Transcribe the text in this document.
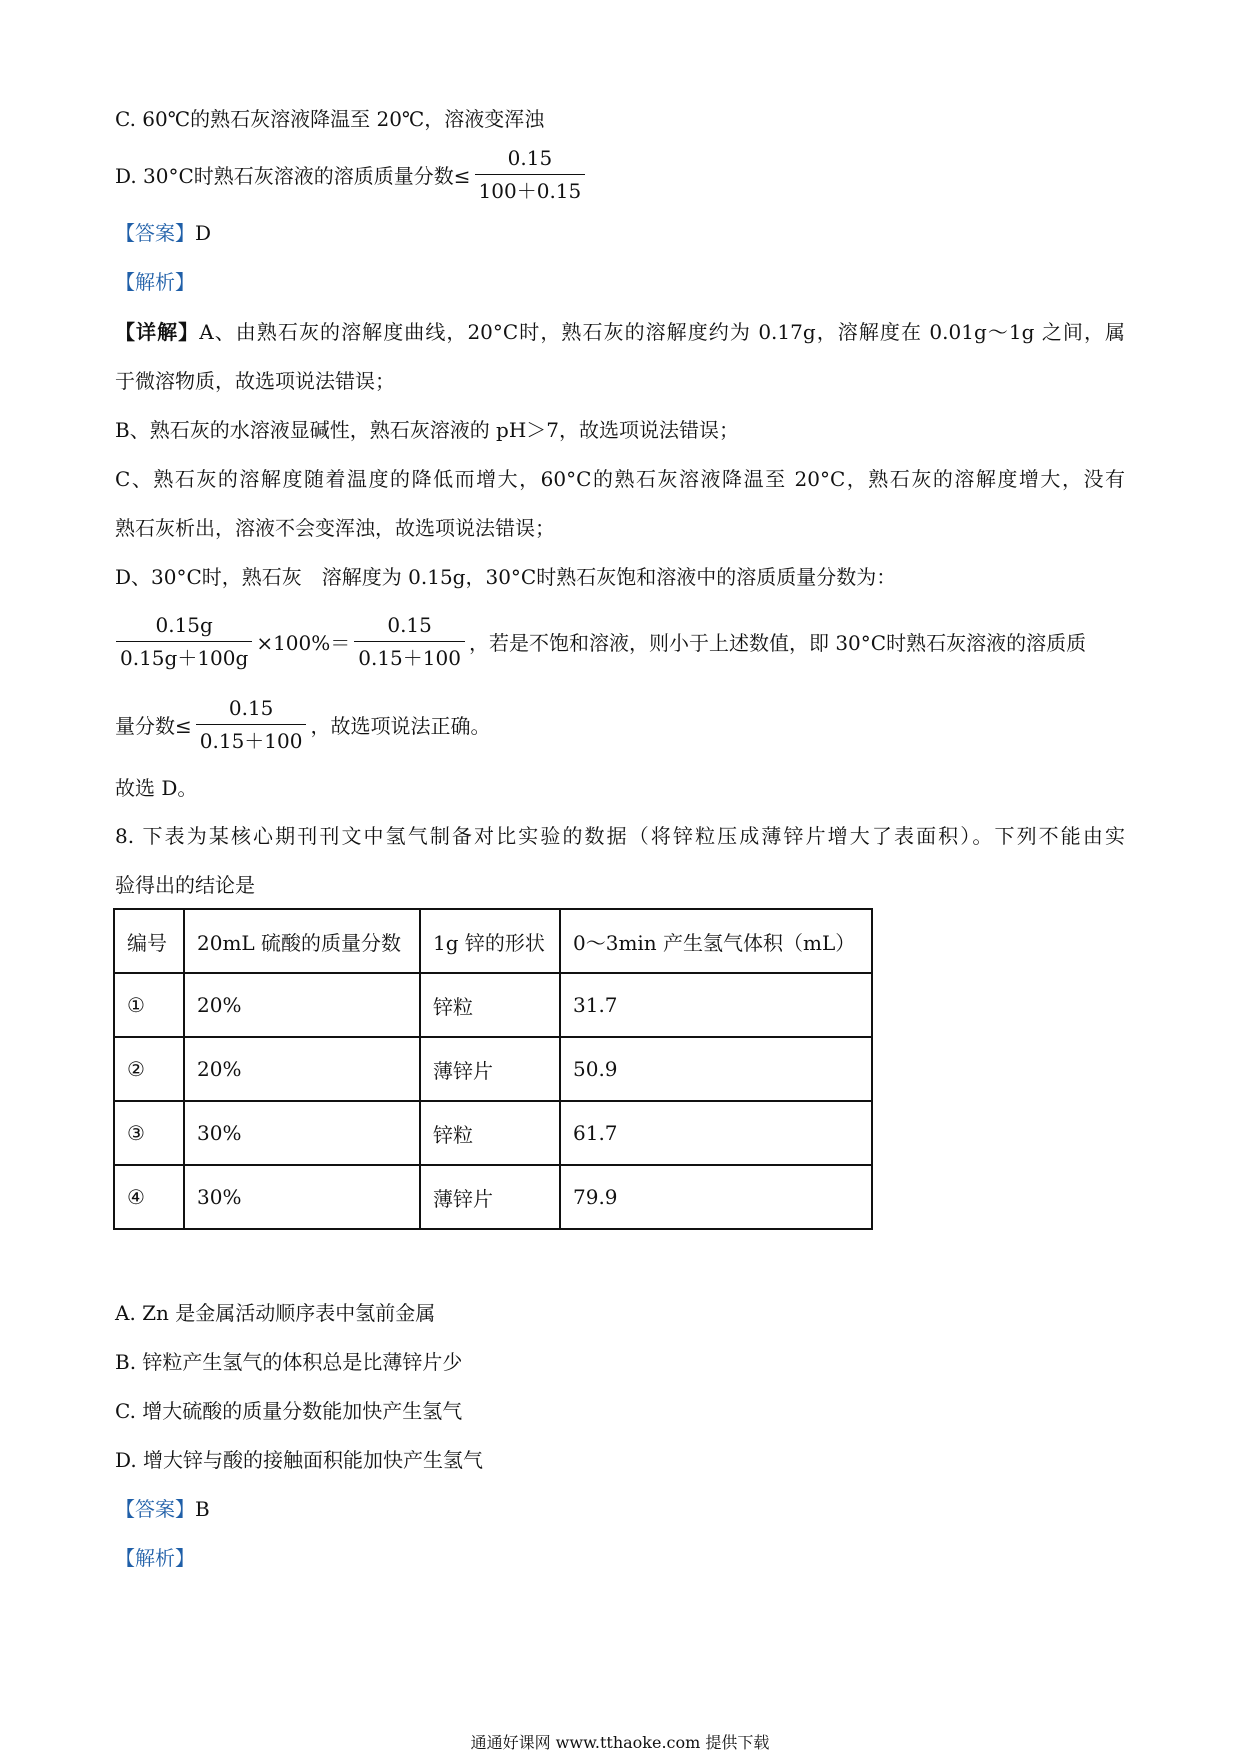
C. 60℃的熟石灰溶液降温至 20℃，溶液变浑浊
D. 30°C时熟石灰溶液的溶质质量分数≤ $\frac{0.15}{100+0.15}$
【答案】D
【解析】
【详解】A、由熟石灰的溶解度曲线，20°C时，熟石灰的溶解度约为 0.17g，溶解度在 0.01g～1g 之间，属
于微溶物质，故选项说法错误；
B、熟石灰的水溶液显碱性，熟石灰溶液的 pH＞7，故选项说法错误；
C、熟石灰的溶解度随着温度的降低而增大，60°C的熟石灰溶液降温至 20°C，熟石灰的溶解度增大，没有
熟石灰析出，溶液不会变浑浊，故选项说法错误；
D、30°C时，熟石灰　溶解度为 0.15g，30°C时熟石灰饱和溶液中的溶质质量分数为：
$\frac{0.15g}{0.15g+100g} \times 100\%= \frac{0.15}{0.15+100}$ ，若是不饱和溶液，则小于上述数值，即 30°C时熟石灰溶液的溶质质
量分数≤ $\frac{0.15}{0.15+100}$ ，故选项说法正确。
故选 D。
8. 下表为某核心期刊刊文中氢气制备对比实验的数据（将锌粒压成薄锌片增大了表面积）。下列不能由实
验得出的结论是
编号	20mL 硫酸的质量分数	1g 锌的形状	0～3min 产生氢气体积（mL）
①	20%	锌粒	31.7
②	20%	薄锌片	50.9
③	30%	锌粒	61.7
④	30%	薄锌片	79.9
A. Zn 是金属活动顺序表中氢前金属
B. 锌粒产生氢气的体积总是比薄锌片少
C. 增大硫酸的质量分数能加快产生氢气
D. 增大锌与酸的接触面积能加快产生氢气
【答案】B
【解析】
通通好课网 www.tthaoke.com 提供下载
